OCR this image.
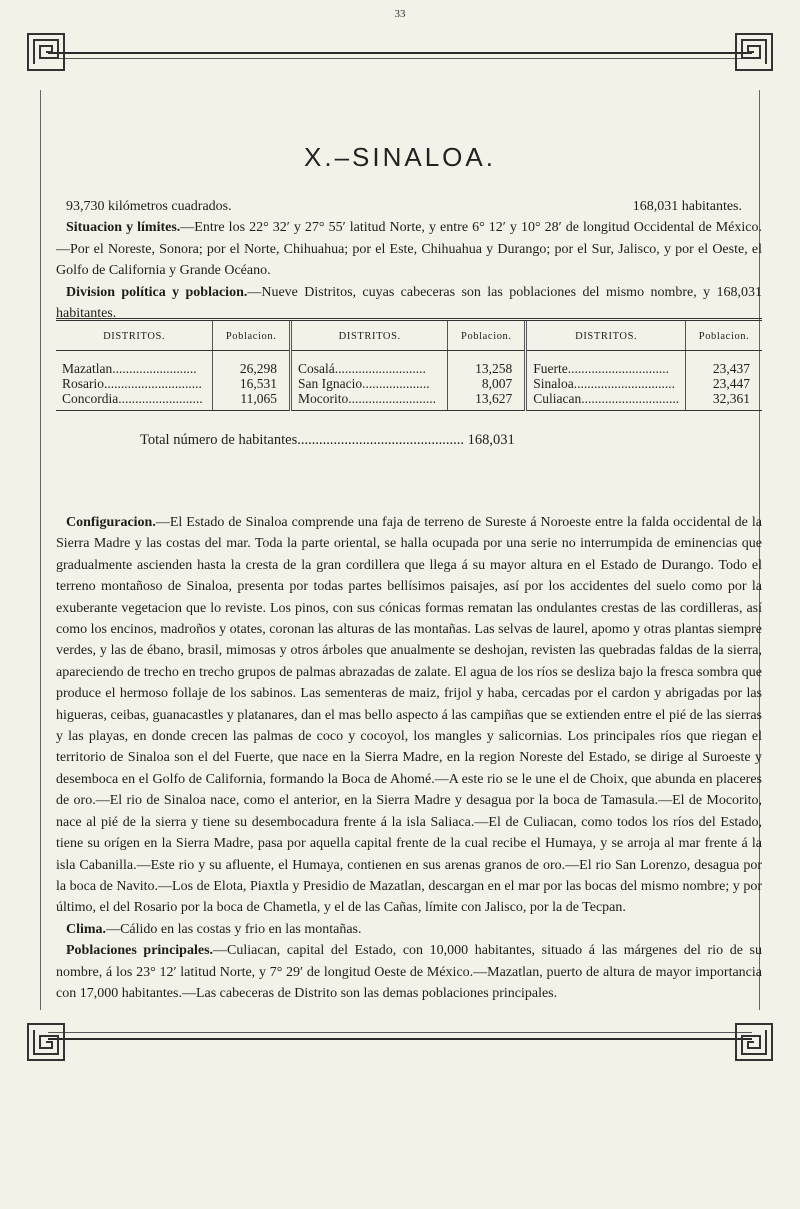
33
X.–SINALOA.
93,730 kilómetros cuadrados.	168,031 habitantes.

Situacion y límites.—Entre los 22° 32′ y 27° 55′ latitud Norte, y entre 6° 12′ y 10° 28′ de longitud Occidental de México.—Por el Noreste, Sonora; por el Norte, Chihuahua; por el Este, Chihuahua y Durango; por el Sur, Jalisco, y por el Oeste, el Golfo de California y Grande Océano.

Division política y poblacion.—Nueve Distritos, cuyas cabeceras son las poblaciones del mismo nombre, y 168,031 habitantes.

DISTRITOS.	Poblacion.	DISTRITOS.	Poblacion.	DISTRITOS.	Poblacion.
Mazatlan.........................	26,298	Cosalá...........................	13,258	Fuerte..............................	23,437
Rosario.............................	16,531	San Ignacio....................	8,007	Sinaloa..............................	23,447
Concordia.........................	11,065	Mocorito..........................	13,627	Culiacan.............................	32,361
Total número de habitantes.............................................. 168,031

Configuracion.—El Estado de Sinaloa comprende una faja de terreno de Sureste á Noroeste entre la falda occidental de la Sierra Madre y las costas del mar. Toda la parte oriental, se halla ocupada por una serie no interrumpida de eminencias que gradualmente ascienden hasta la cresta de la gran cordillera que llega á su mayor altura en el Estado de Durango. Todo el terreno montañoso de Sinaloa, presenta por todas partes bellísimos paisajes, así por los accidentes del suelo como por la exuberante vegetacion que lo reviste. Los pinos, con sus cónicas formas rematan las ondulantes crestas de las cordilleras, así como los encinos, madroños y otates, coronan las alturas de las montañas. Las selvas de laurel, apomo y otras plantas siempre verdes, y las de ébano, brasil, mimosas y otros árboles que anualmente se deshojan, revisten las quebradas faldas de la sierra, apareciendo de trecho en trecho grupos de palmas abrazadas de zalate. El agua de los ríos se desliza bajo la fresca sombra que produce el hermoso follaje de los sabinos. Las sementeras de maiz, frijol y haba, cercadas por el cardon y abrigadas por las higueras, ceibas, guanacastles y platanares, dan el mas bello aspecto á las campiñas que se extienden entre el pié de las sierras y las playas, en donde crecen las palmas de coco y cocoyol, los mangles y salicornias. Los principales ríos que riegan el territorio de Sinaloa son el del Fuerte, que nace en la Sierra Madre, en la region Noreste del Estado, se dirige al Suroeste y desemboca en el Golfo de California, formando la Boca de Ahomé.—A este rio se le une el de Choix, que abunda en placeres de oro.—El rio de Sinaloa nace, como el anterior, en la Sierra Madre y desagua por la boca de Tamasula.—El de Mocorito, nace al pié de la sierra y tiene su desembocadura frente á la isla Saliaca.—El de Culiacan, como todos los ríos del Estado, tiene su orígen en la Sierra Madre, pasa por aquella capital frente de la cual recibe el Humaya, y se arroja al mar frente á la isla Cabanilla.—Este rio y su afluente, el Humaya, contienen en sus arenas granos de oro.—El rio San Lorenzo, desagua por la boca de Navito.—Los de Elota, Piaxtla y Presidio de Mazatlan, descargan en el mar por las bocas del mismo nombre; y por último, el del Rosario por la boca de Chametla, y el de las Cañas, límite con Jalisco, por la de Tecpan.

Clima.—Cálido en las costas y frio en las montañas.

Poblaciones principales.—Culiacan, capital del Estado, con 10,000 habitantes, situado á las márgenes del rio de su nombre, á los 23° 12′ latitud Norte, y 7° 29′ de longitud Oeste de México.—Mazatlan, puerto de altura de mayor importancia con 17,000 habitantes.—Las cabeceras de Distrito son las demas poblaciones principales.
